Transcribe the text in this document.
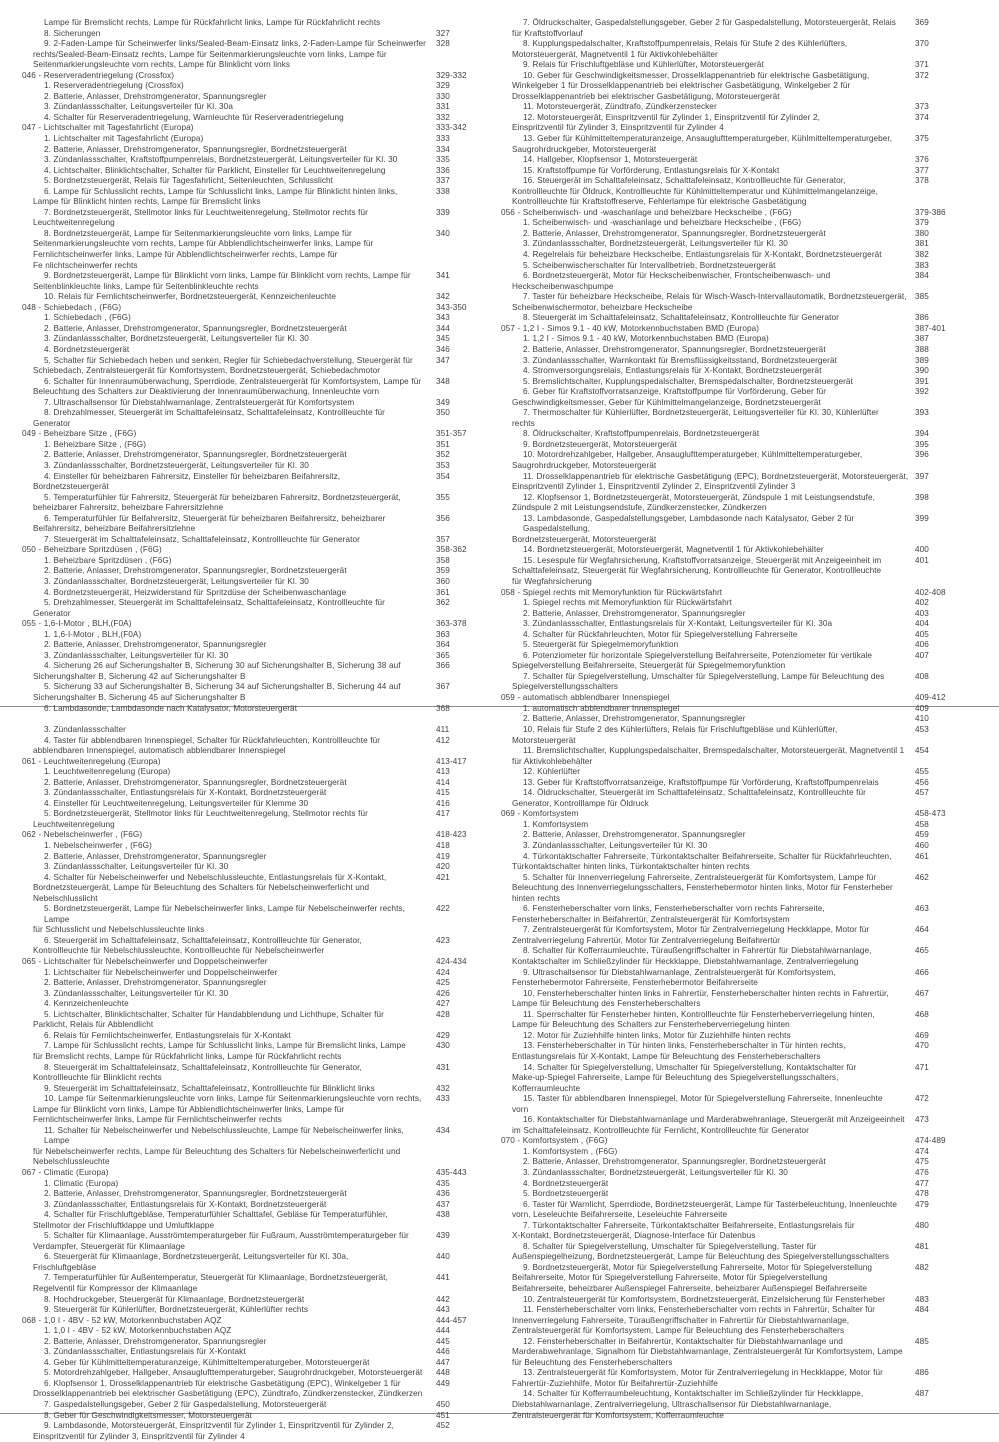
Lampe für Bremslicht rechts, Lampe für Rückfahrlicht links, Lampe für Rückfahrlicht rechts
8. Sicherungen	327
9. 2-Faden-Lampe für Scheinwerfer links/Sealed-Beam-Einsatz links, 2-Faden-Lampe für Scheinwerfer
rechts/Sealed-Beam-Einsatz rechts, Lampe für Seitenmarkierungsleuchte vorn links, Lampe für
Seitenmarkierungsleuchte vorn rechts, Lampe für Blinklicht vorn links
328
046 - Reserveradentriegelung (Crossfox)	329-332
1. Reserveradentriegelung (Crossfox)	329
2. Batterie, Anlasser, Drehstromgenerator, Spannungsregler	330
3. Zündanlassschalter, Leitungsverteiler für Kl. 30a	331
4. Schalter für Reserveradentriegelung, Warnleuchte für Reserveradentriegelung	332
047 - Lichtschalter mit Tagesfahrlicht (Europa)	333-342
1. Lichtschalter mit Tagesfahrlicht (Europa)	333
2. Batterie, Anlasser, Drehstromgenerator, Spannungsregler, Bordnetzsteuergerät	334
3. Zündanlassschalter, Kraftstoffpumpenrelais, Bordnetzsteuergerät, Leitungsverteiler für Kl. 30	335
4. Lichtschalter, Blinklichtschalter, Schalter für Parklicht, Einsteller für Leuchtweitenregelung	336
5. Bordnetzsteuergerät, Relais für Tagesfahrlicht, Seitenleuchten, Schlusslicht	337
6. Lampe für Schlusslicht rechts, Lampe für Schlusslicht links, Lampe für Blinklicht hinten links,
Lampe für Blinklicht hinten rechts, Lampe für Bremslicht links
338
7. Bordnetzsteuergerät, Stellmotor links für Leuchtweitenregelung, Stellmotor rechts für
Leuchtweitenregelung
339
8. Bordnetzsteuergerät, Lampe für Seitenmarkierungsleuchte vorn links, Lampe für
Seitenmarkierungsleuchte vorn rechts, Lampe für Abblendlichtscheinwerfer links, Lampe für
Fernlichtscheinwerfer links, Lampe für Abblendlichtscheinwerfer rechts, Lampe für
Fe nlichtscheinwerfer rechts
340
9. Bordnetzsteuergerät, Lampe für Blinklicht vorn links, Lampe für Blinklicht vorn rechts, Lampe für
Seitenblinkleuchte links, Lampe für Seitenblinkleuchte rechts
341
10. Relais für Fernlichtscheinwerfer, Bordnetzsteuergerät, Kennzeichenleuchte	342
048 - Schiebedach , (F6G)	343-350
1. Schiebedach , (F6G)	343
2. Batterie, Anlasser, Drehstromgenerator, Spannungsregler, Bordnetzsteuergerät	344
3. Zündanlassschalter, Bordnetzsteuergerät, Leitungsverteiler für Kl. 30	345
4. Bordnetzsteuergerät	346
5. Schalter für Schiebedach heben und senken, Regler für Schiebedachverstellung, Steuergerät für
Schiebedach, Zentralsteuergerät für Komfortsystem, Bordnetzsteuergerät, Schiebedachmotor
347
6. Schalter für Innenraumüberwachung, Sperrdiode, Zentralsteuergerät für Komfortsystem, Lampe für
Beleuchtung des Schalters zur Deaktivierung der Innenraumüberwachung, Innenleuchte vorn
348
7. Ultraschallsensor für Diebstahlwarnanlage, Zentralsteuergerät für Komfortsystem	349
8. Drehzahlmesser, Steuergerät im Schalttafeleinsatz, Schalttafeleinsatz, Kontrollleuchte für
Generator
350
049 - Beheizbare Sitze , (F6G)	351-357
1. Beheizbare Sitze , (F6G)	351
2. Batterie, Anlasser, Drehstromgenerator, Spannungsregler, Bordnetzsteuergerät	352
3. Zündanlassschalter, Bordnetzsteuergerät, Leitungsverteiler für Kl. 30	353
4. Einsteller für beheizbaren Fahrersitz, Einsteller für beheizbaren Beifahrersitz,
Bordnetzsteuergerät
354
5. Temperaturfühler für Fahrersitz, Steuergerät für beheizbaren Fahrersitz, Bordnetzsteuergerät,
beheizbarer Fahrersitz, beheizbare Fahrersitzlehne
355
6. Temperaturfühler für Beifahrersitz, Steuergerät für beheizbaren Beifahrersitz, beheizbarer
Beifahrersitz, beheizbare Beifahrersitzlehne
356
7. Steuergerät im Schalttafeleinsatz, Schalttafeleinsatz, Kontrollleuchte für Generator	357
050 - Beheizbare Spritzdüsen , (F6G)	358-362
1. Beheizbare Spritzdüsen , (F6G)	358
2. Batterie, Anlasser, Drehstromgenerator, Spannungsregler, Bordnetzsteuergerät	359
3. Zündanlassschalter, Bordnetzsteuergerät, Leitungsverteiler für Kl. 30	360
4. Bordnetzsteuergerät, Heizwiderstand für Spritzdüse der Scheibenwaschanlage	361
5. Drehzahlmesser, Steuergerät im Schalttafeleinsatz, Schalttafeleinsatz, Kontrollleuchte für
Generator
362
055 - 1,6-I-Motor , BLH,(F0A)	363-378
1. 1,6-I-Motor , BLH,(F0A)	363
2. Batterie, Anlasser, Drehstromgenerator, Spannungsregler	364
3. Zündanlassschalter, Leitungsverteiler für Kl. 30	365
4. Sicherung 26 auf Sicherungshalter B, Sicherung 30 auf Sicherungshalter B, Sicherung 38 auf
Sicherungshalter B, Sicherung 42 auf Sicherungshalter B
366
5. Sicherung 33 auf Sicherungshalter B, Sicherung 34 auf Sicherungshalter B, Sicherung 44 auf
Sicherungshalter B, Sicherung 45 auf Sicherungshalter B
367
6. Lambdasonde, Lambdasonde nach Katalysator, Motorsteuergerät	368
7. Öldruckschalter, Gaspedalstellungsgeber, Geber 2 für Gaspedalstellung, Motorsteuergerät, Relais
für Kraftstoffvorlauf
369
8. Kupplungspedalschalter, Kraftstoffpumpenrelais, Relais für Stufe 2 des Kühlerlüfters,
Motorsteuergerät, Magnetventil 1 für Aktivkohlebehälter
370
9. Relais für Frischluftgebläse und Kühlerlüfter, Motorsteuergerät	371
10. Geber für Geschwindigkeitsmesser, Drosselklappenantrieb für elektrische Gasbetätigung,
Winkelgeber 1 für Drosselklappenantrieb bei elektrischer Gasbetätigung, Winkelgeber 2 für
Drosselklappenantrieb bei elektrischer Gasbetätigung, Motorsteuergerät
372
11. Motorsteuergerät, Zündtrafo, Zündkerzenstecker	373
12. Motorsteuergerät, Einspritzventil für Zylinder 1, Einspritzventil für Zylinder 2,
Einspritzventil für Zylinder 3, Einspritzventil für Zylinder 4
374
13. Geber für Kühlmitteltemperaturanzeige, Ansauglufttemperaturgeber, Kühlmitteltemperaturgeber,
Saugrohrdruckgeber, Motorsteuergerät
375
14. Hallgeber, Klopfsensor 1, Motorsteuergerät	376
15. Kraftstoffpumpe für Vorförderung, Entlastungsrelais für X-Kontakt	377
16. Steuergerät im Schalttafeleinsatz, Schalttafeleinsatz, Kontrollleuchte für Generator,
Kontrollleuchte für Öldruck, Kontrollleuchte für Kühlmitteltemperatur und Kühlmittelmangelanzeige,
Kontrollleuchte für Kraftstoffreserve, Fehlerlampe für elektrische Gasbetätigung
378
056 - Scheibenwisch- und -waschanlage und beheizbare Heckscheibe , (F6G)	379-386
1. Scheibenwisch- und -waschanlage und beheizbare Heckscheibe , (F6G)	379
2. Batterie, Anlasser, Drehstromgenerator, Spannungsregler, Bordnetzsteuergerät	380
3. Zündanlassschalter, Bordnetzsteuergerät, Leitungsverteiler für Kl. 30	381
4. Regelrelais für beheizbare Heckscheibe, Entlastungsrelais für X-Kontakt, Bordnetzsteuergerät	382
5. Scheibenwischerschalter für Intervallbetrieb, Bordnetzsteuergerät	383
6. Bordnetzsteuergerät, Motor für Heckscheibenwischer, Frontscheibenwasch- und
Heckscheibenwaschpumpe
384
7. Taster für beheizbare Heckscheibe, Relais für Wisch-Wasch-Intervallautomatik, Bordnetzsteuergerät,
Scheibenwischermotor, beheizbare Heckscheibe
385
8. Steuergerät im Schalttafeleinsatz, Schalttafeleinsatz, Kontrollleuchte für Generator	386
057 - 1,2 I - Simos 9.1 - 40 kW, Motorkennbuchstaben BMD (Europa)	387-401
1. 1,2 I - Simos 9.1 - 40 kW, Motorkennbuchstaben BMD (Europa)	387
2. Batterie, Anlasser, Drehstromgenerator, Spannungsregler, Bordnetzsteuergerät	388
3. Zündanlassschalter, Warnkontakt für Bremsflüssigkeitsstand, Bordnetzsteuergerät	389
4. Stromversorgungsrelais, Entlastungsrelais für X-Kontakt, Bordnetzsteuergerät	390
5. Bremslichtschalter, Kupplungspedalschalter, Bremspedalschalter, Bordnetzsteuergerät	391
6. Geber für Kraftstoffvorratsanzeige, Kraftstoffpumpe für Vorförderung, Geber für
Geschwindigkeitsmesser, Geber für Kühlmittelmangelanzeige, Bordnetzsteuergerät
392
7. Thermoschalter für Kühlerlüfter, Bordnetzsteuergerät, Leitungsverteiler für Kl. 30, Kühlerlüfter
rechts
393
8. Öldruckschalter, Kraftstoffpumpenrelais, Bordnetzsteuergerät	394
9. Bordnetzsteuergerät, Motorsteuergerät	395
10. Motordrehzahlgeber, Hallgeber, Ansauglufttemperaturgeber, Kühlmitteltemperaturgeber,
Saugrohrdruckgeber, Motorsteuergerät
396
11. Drosselklappenantrieb für elektrische Gasbetätigung (EPC), Bordnetzsteuergerät, Motorsteuergerät,
Einspritzventil Zylinder 1, Einspritzventil Zylinder 2, Einspritzventil Zylinder 3
397
12. Klopfsensor 1, Bordnetzsteuergerät, Motorsteuergerät, Zündspule 1 mit Leistungsendstufe,
Zündspule 2 mit Leistungsendstufe, Zündkerzenstecker, Zündkerzen
398
13. Lambdasonde, Gaspedalstellungsgeber, Lambdasonde nach Katalysator, Geber 2 für Gaspedalstellung,
Bordnetzsteuergerät, Motorsteuergerät
399
14. Bordnetzsteuergerät, Motorsteuergerät, Magnetventil 1 für Aktivkohlebehälter	400
15. Lesespule für Wegfahrsicherung, Kraftstoffvorratsanzeige, Steuergerät mit Anzeigeeinheit im
Schalttafeleinsatz, Steuergerät für Wegfahrsicherung, Kontrollleuchte für Generator, Kontrollleuchte
für Wegfahrsicherung
401
058 - Spiegel rechts mit Memoryfunktion für Rückwärtsfahrt	402-408
1. Spiegel rechts mit Memoryfunktion für Rückwärtsfahrt	402
2. Batterie, Anlasser, Drehstromgenerator, Spannungsregler	403
3. Zündanlassschalter, Entlastungsrelais für X-Kontakt, Leitungsverteiler für Kl. 30a	404
4. Schalter für Rückfahrleuchten, Motor für Spiegelverstellung Fahrerseite	405
5. Steuergerät für Spiegelmemoryfunktion	406
6. Potenziometer für horizontale Spiegelverstellung Beifahrerseite, Potenziometer für vertikale
Spiegelverstellung Beifahrerseite, Steuergerät für Spiegelmemoryfunktion
407
7. Schalter für Spiegelverstellung, Umschalter für Spiegelverstellung, Lampe für Beleuchtung des
Spiegelverstellungsschalters
408
059 - automatisch abblendbarer Innenspiegel	409-412
1. automatisch abblendbarer Innenspiegel	409
2. Batterie, Anlasser, Drehstromgenerator, Spannungsregler	410
3. Zündanlassschalter	411
4. Taster für abblendbaren Innenspiegel, Schalter für Rückfahrleuchten, Kontrollleuchte für
abblendbaren Innenspiegel, automatisch abblendbarer Innenspiegel
412
061 - Leuchtweitenregelung (Europa)	413-417
1. Leuchtweitenregelung (Europa)	413
2. Batterie, Anlasser, Drehstromgenerator, Spannungsregler, Bordnetzsteuergerät	414
3. Zündanlassschalter, Entlastungsrelais für X-Kontakt, Bordnetzsteuergerät	415
4. Einsteller für Leuchtweitenregelung, Leitungsverteiler für Klemme 30	416
5. Bordnetzsteuergerät, Stellmotor links für Leuchtweitenregelung, Stellmotor rechts für
Leuchtweitenregelung
417
062 - Nebelscheinwerfer , (F6G)	418-423
1. Nebelscheinwerfer , (F6G)	418
2. Batterie, Anlasser, Drehstromgenerator, Spannungsregler	419
3. Zündanlassschalter, Leitungsverteiler für Kl. 30	420
4. Schalter für Nebelscheinwerfer und Nebelschlussleuchte, Entlastungsrelais für X-Kontakt,
Bordnetzsteuergerät, Lampe für Beleuchtung des Schalters für Nebelscheinwerferlicht und
Nebelschlusslicht
421
5. Bordnetzsteuergerät, Lampe für Nebelscheinwerfer links, Lampe für Nebelscheinwerfer rechts, Lampe
für Schlusslicht und Nebelschlussleuchte links
422
6. Steuergerät im Schalttafeleinsatz, Schalttafeleinsatz, Kontrollleuchte für Generator,
Kontrollleuchte für Nebelschlussleuchte, Kontrollleuchte für Nebelscheinwerfer
423
065 - Lichtschalter für Nebelscheinwerfer und Doppelscheinwerfer	424-434
1. Lichtschalter für Nebelscheinwerfer und Doppelscheinwerfer	424
2. Batterie, Anlasser, Drehstromgenerator, Spannungsregler	425
3. Zündanlassschalter, Leitungsverteiler für Kl. 30	426
4. Kennzeichenleuchte	427
5. Lichtschalter, Blinklichtschalter, Schalter für Handabblendung und Lichthupe, Schalter für
Parklicht, Relais für Abblendlicht
428
6. Relais für Fernlichtscheinwerfer, Entlastungsrelais für X-Kontakt	429
7. Lampe für Schlusslicht rechts, Lampe für Schlusslicht links, Lampe für Bremslicht links, Lampe
für Bremslicht rechts, Lampe für Rückfahrlicht links, Lampe für Rückfahrlicht rechts
430
8. Steuergerät im Schalttafeleinsatz, Schalttafeleinsatz, Kontrollleuchte für Generator,
Kontrollleuchte für Blinklicht rechts
431
9. Steuergerät im Schalttafeleinsatz, Schalttafeleinsatz, Kontrollleuchte für Blinklicht links	432
10. Lampe für Seitenmarkierungsleuchte vorn links, Lampe für Seitenmarkierungsleuchte vorn rechts,
Lampe für Blinklicht vorn links, Lampe für Abblendlichtscheinwerfer links, Lampe für
Fernlichtscheinwerfer links, Lampe für Fernlichtscheinwerfer rechts
433
11. Schalter für Nebelscheinwerfer und Nebelschlussleuchte, Lampe für Nebelscheinwerfer links, Lampe
für Nebelscheinwerfer rechts, Lampe für Beleuchtung des Schalters für Nebelscheinwerferlicht und
Nebelschlussleuchte
434
067 - Climatic (Europa)	435-443
1. Climatic (Europa)	435
2. Batterie, Anlasser, Drehstromgenerator, Spannungsregler, Bordnetzsteuergerät	436
3. Zündanlassschalter, Entlastungsrelais für X-Kontakt, Bordnetzsteuergerät	437
4. Schalter für Frischluftgebläse, Temperaturfühler Schalttafel, Gebläse für Temperaturfühler,
Stellmotor der Frischluftklappe und Umluftklappe
438
5. Schalter für Klimaanlage, Ausströmtemperaturgeber für Fußraum, Ausströmtemperaturgeber für
Verdampfer, Steuergerät für Klimaanlage
439
6. Steuergerät für Klimaanlage, Bordnetzsteuergerät, Leitungsverteiler für Kl. 30a,
Frischluftgebläse
440
7. Temperaturfühler für Außentemperatur, Steuergerät für Klimaanlage, Bordnetzsteuergerät,
Regelventil für Kompressor der Klimaanlage
441
8. Hochdruckgeber, Steuergerät für Klimaanlage, Bordnetzsteuergerät	442
9. Steuergerät für Kühlerlüfter, Bordnetzsteuergerät, Kühlerlüfter rechts	443
068 - 1,0 I - 4BV - 52 kW, Motorkennbuchstaben AQZ	444-457
1. 1,0 I - 4BV - 52 kW, Motorkennbuchstaben AQZ	444
2. Batterie, Anlasser, Drehstromgenerator, Spannungsregler	445
3. Zündanlassschalter, Entlastungsrelais für X-Kontakt	446
4. Geber für Kühlmitteltemperaturanzeige, Kühlmitteltemperaturgeber, Motorsteuergerät	447
5. Motordrehzahlgeber, Hallgeber, Ansauglufttemperaturgeber, Saugrohrdruckgeber, Motorsteuergerät	448
6. Klopfsensor 1, Drosselklappenantrieb für elektrische Gasbetätigung (EPC), Winkelgeber 1 für
Drosselklappenantrieb bei elektrischer Gasbetätigung (EPC), Zündtrafo, Zündkerzenstecker, Zündkerzen
449
7. Gaspedalstellungsgeber, Geber 2 für Gaspedalstellung, Motorsteuergerät	450
8. Geber für Geschwindigkeitsmesser, Motorsteuergerät	451
9. Lambdasonde, Motorsteuergerät, Einspritzventil für Zylinder 1, Einspritzventil für Zylinder 2,
Einspritzventil für Zylinder 3, Einspritzventil für Zylinder 4
452
10. Relais für Stufe 2 des Kühlerlüfters, Relais für Frischluftgebläse und Kühlerlüfter,
Motorsteuergerät
453
11. Bremslichtschalter, Kupplungspedalschalter, Bremspedalschalter, Motorsteuergerät, Magnetventil 1
für Aktivkohlebehälter
454
12. Kühlerlüfter	455
13. Geber für Kraftstoffvorratsanzeige, Kraftstoffpumpe für Vorförderung, Kraftstoffpumpenrelais	456
14. Öldruckschalter, Steuergerät im Schalttafeleinsatz, Schalttafeleinsatz, Kontrollleuchte für
Generator, Kontrolllampe für Öldruck
457
069 - Komfortsystem	458-473
1. Komfortsystem	458
2. Batterie, Anlasser, Drehstromgenerator, Spannungsregler	459
3. Zündanlassschalter, Leitungsverteiler für Kl. 30	460
4. Türkontaktschalter Fahrerseite, Türkontaktschalter Beifahrerseite, Schalter für Rückfahrleuchten,
Türkontaktschalter hinten links, Türkontaktschalter hinten rechts
461
5. Schalter für Innenverriegelung Fahrerseite, Zentralsteuergerät für Komfortsystem, Lampe für
Beleuchtung des Innenverriegelungsschalters, Fensterhebermotor hinten links, Motor für Fensterheber
hinten rechts
462
6. Fensterheberschalter vorn links, Fensterheberschalter vorn rechts Fahrerseite,
Fensterheberschalter in Beifahrertür, Zentralsteuergerät für Komfortsystem
463
7. Zentralsteuergerät für Komfortsystem, Motor für Zentralverriegelung Heckklappe, Motor für
Zentralverriegelung Fahrertür, Motor für Zentralverriegelung Beifahrertür
464
8. Schalter für Kofferraumleuchte, Türaußengriffschalter in Fahrertür für Diebstahlwarnanlage,
Kontaktschalter im Schließzylinder für Heckklappe, Diebstahlwarnanlage, Zentralverriegelung
465
9. Ultraschallsensor für Diebstahlwarnanlage, Zentralsteuergerät für Komfortsystem,
Fensterhebermotor Fahrerseite, Fensterhebermotor Beifahrerseite
466
10. Fensterheberschalter hinten links in Fahrertür, Fensterheberschalter hinten rechts in Fahrertür,
Lampe für Beleuchtung des Fensterheberschalters
467
11. Sperrschalter für Fensterheber hinten, Kontrollleuchte für Fensterheberverriegelung hinten,
Lampe für Beleuchtung des Schalters zur Fensterheberverriegelung hinten
468
12. Motor für Zuziehhilfe hinten links, Motor für Zuziehhilfe hinten rechts	469
13. Fensterheberschalter in Tür hinten links, Fensterheberschalter in Tür hinten rechts,
Entlastungsrelais für X-Kontakt, Lampe für Beleuchtung des Fensterheberschalters
470
14. Schalter für Spiegelverstellung, Umschalter für Spiegelverstellung, Kontaktschalter für
Make-up-Spiegel Fahrerseite, Lampe für Beleuchtung des Spiegelverstellungsschalters,
Kofferraumleuchte
471
15. Taster für abblendbaren Innenspiegel, Motor für Spiegelverstellung Fahrerseite, Innenleuchte
vorn
472
16. Kontaktschalter für Diebstahlwarnanlage und Marderabwehranlage, Steuergerät mit Anzeigeeinheit
im Schalttafeleinsatz, Kontrollleuchte für Fernlicht, Kontrollleuchte für Generator
473
070 - Komfortsystem , (F6G)	474-489
1. Komfortsystem , (F6G)	474
2. Batterie, Anlasser, Drehstromgenerator, Spannungsregler, Bordnetzsteuergerät	475
3. Zündanlassschalter, Bordnetzsteuergerät, Leitungsverteiler für Kl. 30	476
4. Bordnetzsteuergerät	477
5. Bordnetzsteuergerät	478
6. Taster für Warnlicht, Sperrdiode, Bordnetzsteuergerät, Lampe für Tasterbeleuchtung, Innenleuchte
vorn, Leseleuchte Beifahrerseite, Leseleuchte Fahrerseite
479
7. Türkontaktschalter Fahrerseite, Türkontaktschalter Beifahrerseite, Entlastungsrelais für
X-Kontakt, Bordnetzsteuergerät, Diagnose-Interface für Datenbus
480
8. Schalter für Spiegelverstellung, Umschalter für Spiegelverstellung, Taster für
Außenspiegelheizung, Bordnetzsteuergerät, Lampe für Beleuchtung des Spiegelverstellungsschalters
481
9. Bordnetzsteuergerät, Motor für Spiegelverstellung Fahrerseite, Motor für Spiegelverstellung
Beifahrerseite, Motor für Spiegelverstellung Fahrerseite, Motor für Spiegelverstellung
Beifahrerseite, beheizbarer Außenspiegel Fahrerseite, beheizbarer Außenspiegel Beifahrerseite
482
10. Zentralsteuergerät für Komfortsystem, Bordnetzsteuergerät, Einzelsicherung für Fensterheber	483
11. Fensterheberschalter vorn links, Fensterheberschalter vorn rechts in Fahrertür, Schalter für
Innenverriegelung Fahrerseite, Türaußengriffschalter in Fahrertür für Diebstahlwarnanlage,
Zentralsteuergerät für Komfortsystem, Lampe für Beleuchtung des Fensterheberschalters
484
12. Fensterheberschalter in Beifahrertür, Kontaktschalter für Diebstahlwarnanlage und
Marderabwehranlage, Signalhorn für Diebstahlwarnanlage, Zentralsteuergerät für Komfortsystem, Lampe
für Beleuchtung des Fensterheberschalters
485
13. Zentralsteuergerät für Komfortsystem, Motor für Zentralverriegelung in Heckklappe, Motor für
Fahrertür-Zuziehhilfe, Motor für Beifahrertür-Zuziehhilfe
486
14. Schalter für Kofferraumbeleuchtung, Kontaktschalter im Schließzylinder für Heckklappe,
Diebstahlwarnanlage, Zentralverriegelung, Ultraschallsensor für Diebstahlwarnanlage,
Zentralsteuergerät für Komfortsystem, Kofferraumleuchte
487
